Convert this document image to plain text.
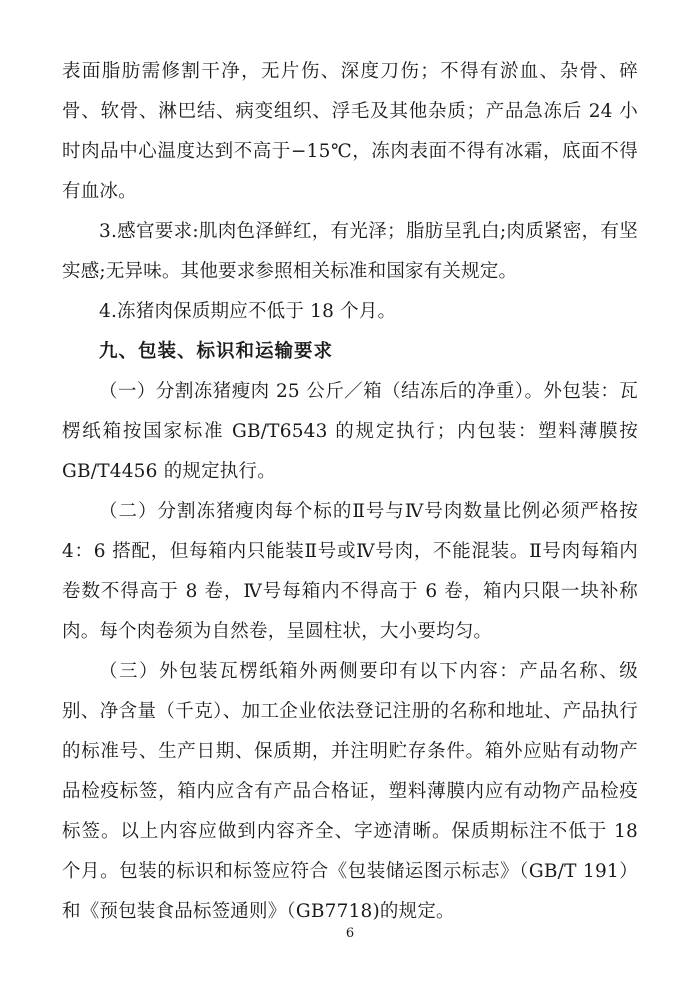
表面脂肪需修割干净，无片伤、深度刀伤；不得有淤血、杂骨、碎骨、软骨、淋巴结、病变组织、浮毛及其他杂质；产品急冻后 24 小时肉品中心温度达到不高于−15℃，冻肉表面不得有冰霜，底面不得有血冰。

3.感官要求:肌肉色泽鲜红，有光泽；脂肪呈乳白;肉质紧密，有坚实感;无异味。其他要求参照相关标准和国家有关规定。

4.冻猪肉保质期应不低于 18 个月。

九、包装、标识和运输要求

（一）分割冻猪瘦肉 25 公斤／箱（结冻后的净重）。外包装：瓦楞纸箱按国家标准 GB/T6543 的规定执行；内包装：塑料薄膜按 GB/T4456 的规定执行。

（二）分割冻猪瘦肉每个标的Ⅱ号与Ⅳ号肉数量比例必须严格按 4：6 搭配，但每箱内只能装Ⅱ号或Ⅳ号肉，不能混装。Ⅱ号肉每箱内卷数不得高于 8 卷，Ⅳ号每箱内不得高于 6 卷，箱内只限一块补称肉。每个肉卷须为自然卷，呈圆柱状，大小要均匀。

（三）外包装瓦楞纸箱外两侧要印有以下内容：产品名称、级别、净含量（千克）、加工企业依法登记注册的名称和地址、产品执行的标准号、生产日期、保质期，并注明贮存条件。箱外应贴有动物产品检疫标签，箱内应含有产品合格证，塑料薄膜内应有动物产品检疫标签。以上内容应做到内容齐全、字迹清晰。保质期标注不低于 18 个月。包装的标识和标签应符合《包装储运图示标志》（GB/T 191）和《预包装食品标签通则》（GB7718)的规定。

6
